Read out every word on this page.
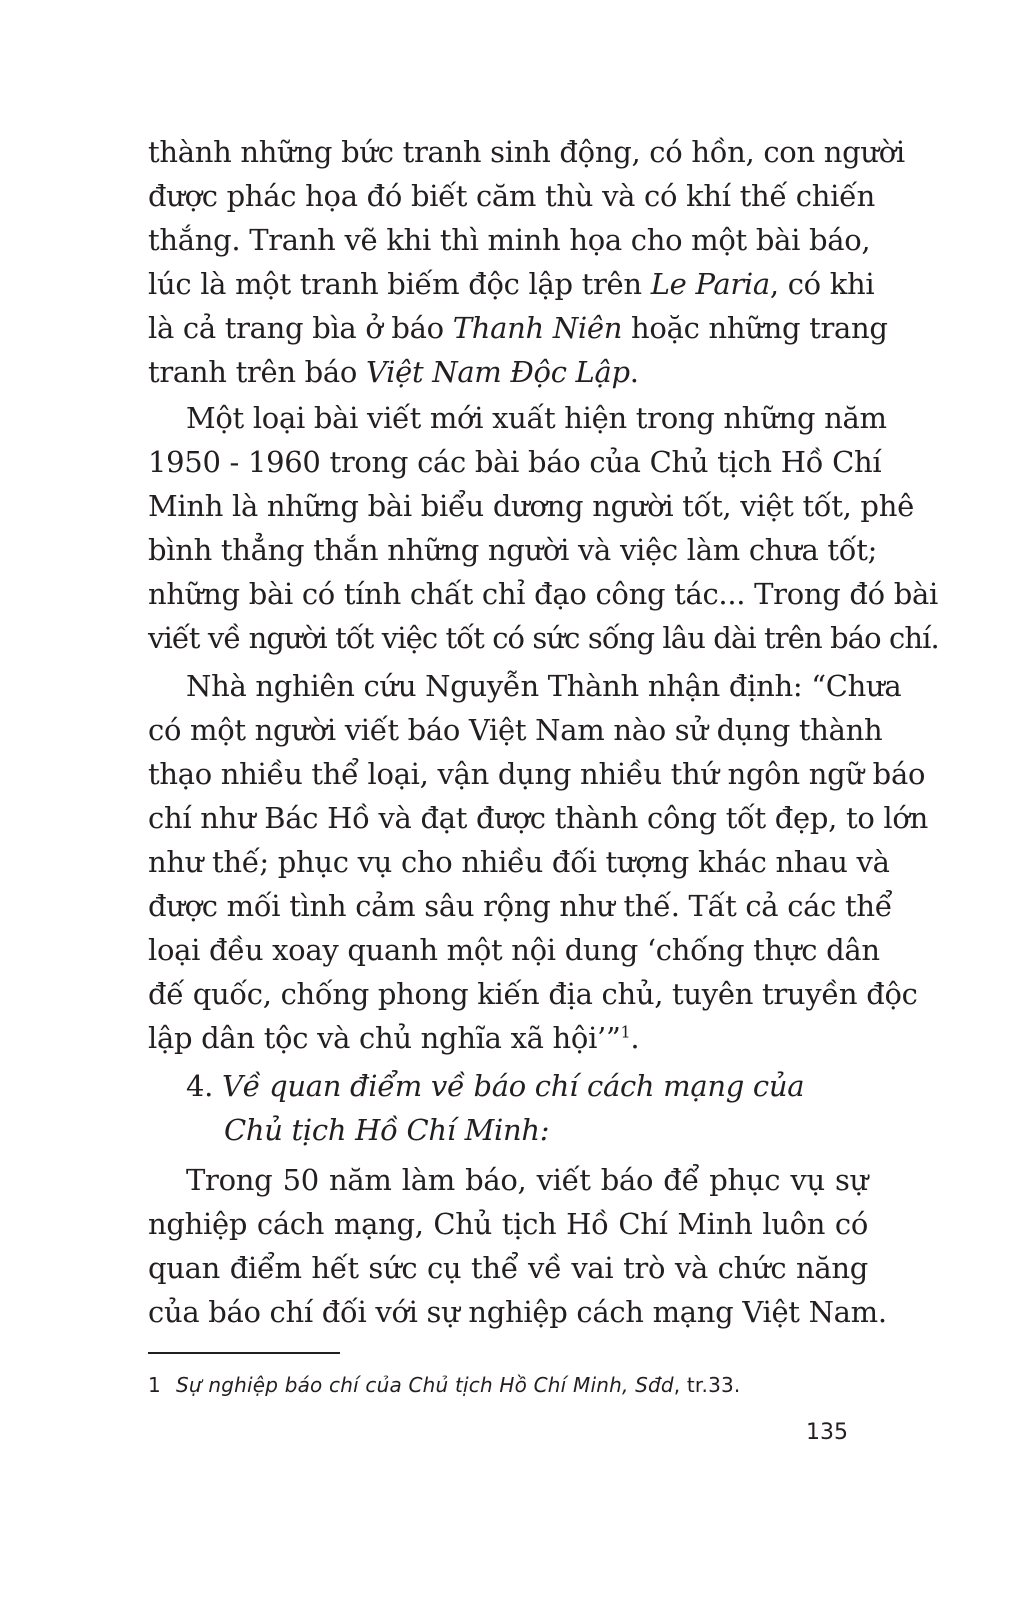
thành những bức tranh sinh động, có hồn, con người
được phác họa đó biết căm thù và có khí thế chiến
thắng. Tranh vẽ khi thì minh họa cho một bài báo,
lúc là một tranh biếm độc lập trên Le Paria, có khi
là cả trang bìa ở báo Thanh Niên hoặc những trang
tranh trên báo Việt Nam Độc Lập.
Một loại bài viết mới xuất hiện trong những năm
1950 - 1960 trong các bài báo của Chủ tịch Hồ Chí
Minh là những bài biểu dương người tốt, việt tốt, phê
bình thẳng thắn những người và việc làm chưa tốt;
những bài có tính chất chỉ đạo công tác... Trong đó bài
viết về người tốt việc tốt có sức sống lâu dài trên báo chí.
Nhà nghiên cứu Nguyễn Thành nhận định: “Chưa
có một người viết báo Việt Nam nào sử dụng thành
thạo nhiều thể loại, vận dụng nhiều thứ ngôn ngữ báo
chí như Bác Hồ và đạt được thành công tốt đẹp, to lớn
như thế; phục vụ cho nhiều đối tượng khác nhau và
được mối tình cảm sâu rộng như thế. Tất cả các thể
loại đều xoay quanh một nội dung ‘chống thực dân
đế quốc, chống phong kiến địa chủ, tuyên truyền độc
lập dân tộc và chủ nghĩa xã hội’”$^1$.
4. Về quan điểm về báo chí cách mạng của
Chủ tịch Hồ Chí Minh:
Trong 50 năm làm báo, viết báo để phục vụ sự
nghiệp cách mạng, Chủ tịch Hồ Chí Minh luôn có
quan điểm hết sức cụ thể về vai trò và chức năng
của báo chí đối với sự nghiệp cách mạng Việt Nam.
1 Sự nghiệp báo chí của Chủ tịch Hồ Chí Minh, Sđd, tr.33.
135
